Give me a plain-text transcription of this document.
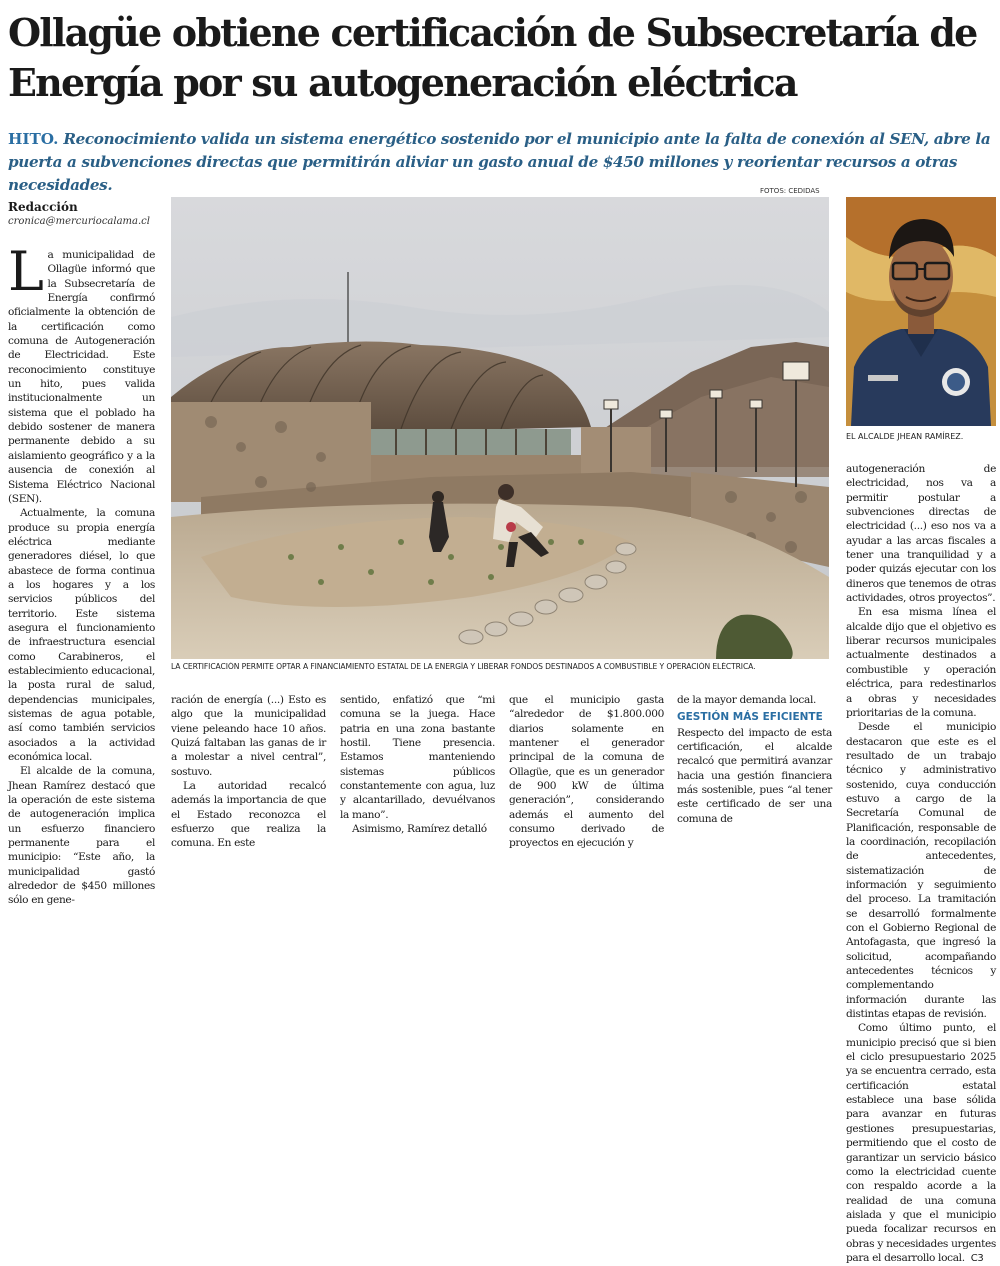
Ollagüe obtiene certificación de Subsecretaría de Energía por su autogeneración eléctrica

HITO. Reconocimiento valida un sistema energético sostenido por el municipio ante la falta de conexión al SEN, abre la puerta a subvenciones directas que permitirán aliviar un gasto anual de $450 millones y reorientar recursos a otras necesidades.	FOTOS: CEDIDAS
Redacción
cronica@mercuriocalama.cl

La municipalidad de Ollagüe informó que la Subsecretaría de Energía confirmó oficialmente la obtención de la certificación como comuna de Autogeneración de Electricidad. Este reconocimiento constituye un hito, pues valida institucionalmente un sistema que el poblado ha debido sostener de manera permanente debido a su aislamiento geográfico y a la ausencia de conexión al Sistema Eléctrico Nacional (SEN).

Actualmente, la comuna produce su propia energía eléctrica mediante generadores diésel, lo que abastece de forma continua a los hogares y a los servicios públicos del territorio. Este sistema asegura el funcionamiento de infraestructura esencial como Carabineros, el establecimiento educacional, la posta rural de salud, dependencias municipales, sistemas de agua potable, así como también servicios asociados a la actividad económica local.

El alcalde de la comuna, Jhean Ramírez destacó que la operación de este sistema de autogeneración implica un esfuerzo financiero permanente para el municipio: “Este año, la municipalidad gastó alrededor de $450 millones sólo en gene-

LA CERTIFICACIÓN PERMITE OPTAR A FINANCIAMIENTO ESTATAL DE LA ENERGÍA Y LIBERAR FONDOS DESTINADOS A COMBUSTIBLE Y OPERACIÓN ELÉCTRICA.
EL ALCALDE JHEAN RAMÍREZ.

ración de energía (...) Esto es algo que la municipalidad viene peleando hace 10 años. Quizá faltaban las ganas de ir a molestar a nivel central”, sostuvo.

La autoridad recalcó además la importancia de que el Estado reconozca el esfuerzo que realiza la comuna. En este

sentido, enfatizó que “mi comuna se la juega. Hace patria en una zona bastante hostil. Tiene presencia. Estamos manteniendo sistemas públicos constantemente con agua, luz y alcantarillado, devuélvanos la mano”.

Asimismo, Ramírez detalló

que el municipio gasta “alrededor de $1.800.000 diarios solamente en mantener el generador principal de la comuna de Ollagüe, que es un generador de 900 kW de última generación”, considerando además el aumento del consumo derivado de proyectos en ejecución y

de la mayor demanda local.

GESTIÓN MÁS EFICIENTE

Respecto del impacto de esta certificación, el alcalde recalcó que permitirá avanzar hacia una gestión financiera más sostenible, pues “al tener este certificado de ser una comuna de

autogeneración de electricidad, nos va a permitir postular a subvenciones directas de electricidad (...) eso nos va a ayudar a las arcas fiscales a tener una tranquilidad y a poder quizás ejecutar con los dineros que tenemos de otras actividades, otros proyectos”.

En esa misma línea el alcalde dijo que el objetivo es liberar recursos municipales actualmente destinados a combustible y operación eléctrica, para redestinarlos a obras y necesidades prioritarias de la comuna.

Desde el municipio destacaron que este es el resultado de un trabajo técnico y administrativo sostenido, cuya conducción estuvo a cargo de la Secretaría Comunal de Planificación, responsable de la coordinación, recopilación de antecedentes, sistematización de información y seguimiento del proceso. La tramitación se desarrolló formalmente con el Gobierno Regional de Antofagasta, que ingresó la solicitud, acompañando antecedentes técnicos y complementando información durante las distintas etapas de revisión.

Como último punto, el municipio precisó que si bien el ciclo presupuestario 2025 ya se encuentra cerrado, esta certificación estatal establece una base sólida para avanzar en futuras gestiones presupuestarias, permitiendo que el costo de garantizar un servicio básico como la electricidad cuente con respaldo acorde a la realidad de una comuna aislada y que el municipio pueda focalizar recursos en obras y necesidades urgentes para el desarrollo local. C3
